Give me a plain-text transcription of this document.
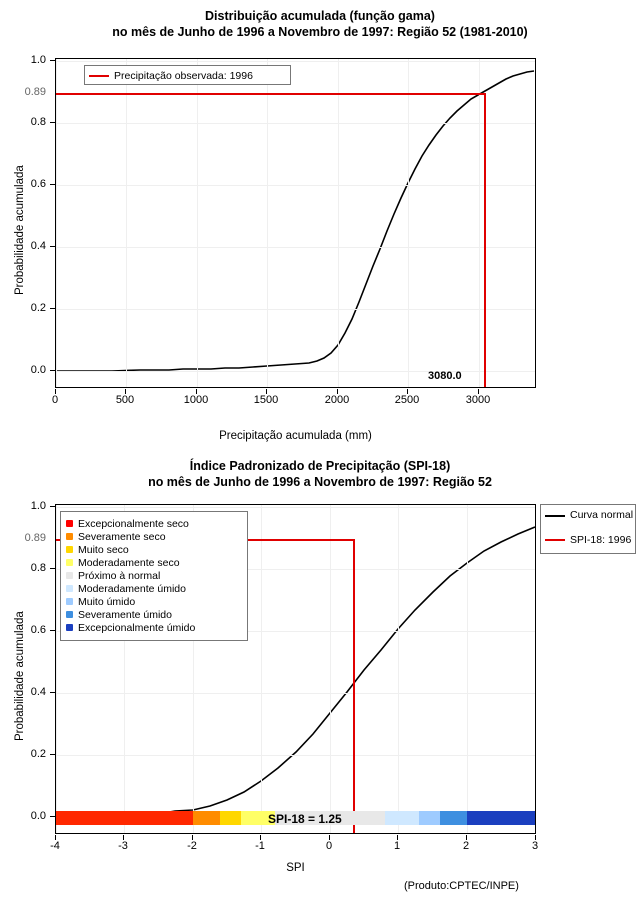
Distribuição acumulada (função gama)
no mês de Junho de 1996 a Novembro de 1997: Região 52 (1981-2010)
Precipitação observada: 1996
3080.0
0	500	1000	1500	2000	2500	3000
0.0
0.2
0.4
0.6
0.8
1.0
0.89
Precipitação acumulada (mm)
Probabilidade acumulada
Índice Padronizado de Precipitação (SPI-18)
no mês de Junho de 1996 a Novembro de 1997: Região 52
Excepcionalmente seco
Severamente seco
Muito seco
Moderadamente seco
Próximo à normal
Moderadamente úmido
Muito úmido
Severamente úmido
Excepcionalmente úmido
SPI-18 = 1.25
Curva normal
SPI-18: 1996
-4	-3	-2	-1	0	1	2	3
0.0
0.2
0.4
0.6
0.8
1.0
0.89
SPI
Probabilidade acumulada
(Produto:CPTEC/INPE)
